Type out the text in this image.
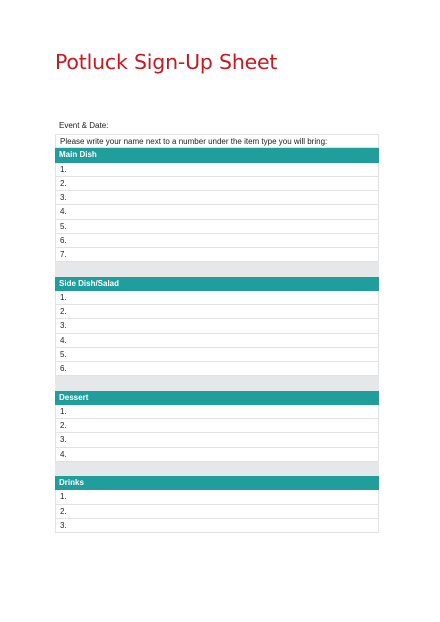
Potluck Sign-Up Sheet
Event & Date:
Please write your name next to a number under the item type you will bring:
Main Dish
1.
2.
3.
4.
5.
6.
7.
Side Dish/Salad
1.
2.
3.
4.
5.
6.
Dessert
1.
2.
3.
4.
Drinks
1.
2.
3.
